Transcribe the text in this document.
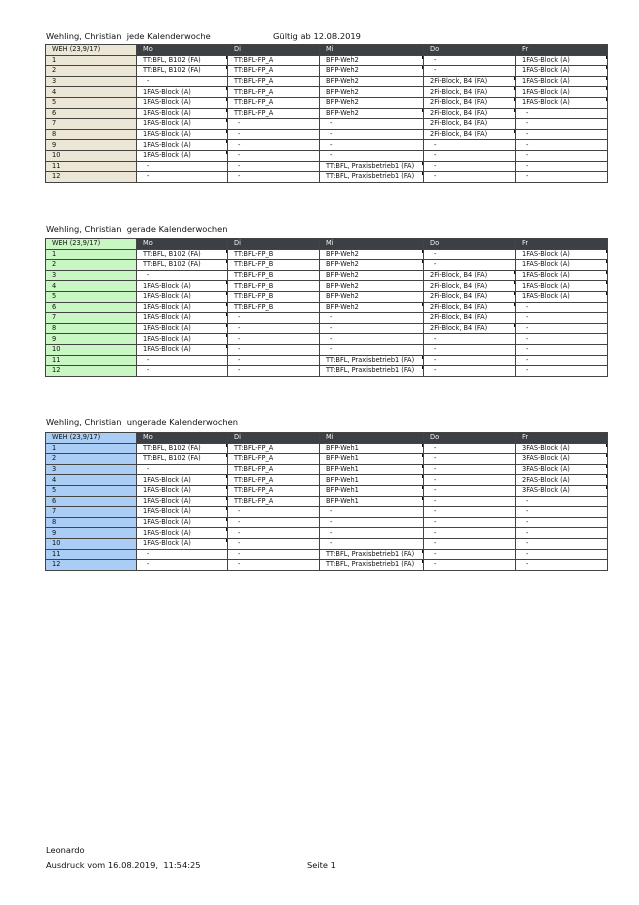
Wehling, Christian  jede Kalenderwoche	Gültig ab 12.08.2019
WEH (23,9/17)	Mo	Di	Mi	Do	Fr
1	TT:BFL, B102 (FA)	TT:BFL-FP_A	BFP-Weh2	-	1FAS-Block (A)
2	TT:BFL, B102 (FA)	TT:BFL-FP_A	BFP-Weh2	-	1FAS-Block (A)
3	-	TT:BFL-FP_A	BFP-Weh2	2Fi-Block, B4 (FA)	1FAS-Block (A)
4	1FAS-Block (A)	TT:BFL-FP_A	BFP-Weh2	2Fi-Block, B4 (FA)	1FAS-Block (A)
5	1FAS-Block (A)	TT:BFL-FP_A	BFP-Weh2	2Fi-Block, B4 (FA)	1FAS-Block (A)
6	1FAS-Block (A)	TT:BFL-FP_A	BFP-Weh2	2Fi-Block, B4 (FA)	-
7	1FAS-Block (A)	-	-	2Fi-Block, B4 (FA)	-
8	1FAS-Block (A)	-	-	2Fi-Block, B4 (FA)	-
9	1FAS-Block (A)	-	-	-	-
10	1FAS-Block (A)	-	-	-	-
11	-	-	TT:BFL, Praxisbetrieb1 (FA)	-	-
12	-	-	TT:BFL, Praxisbetrieb1 (FA)	-	-
Wehling, Christian  gerade Kalenderwochen
WEH (23,9/17)	Mo	Di	Mi	Do	Fr
1	TT:BFL, B102 (FA)	TT:BFL-FP_B	BFP-Weh2	-	1FAS-Block (A)
2	TT:BFL, B102 (FA)	TT:BFL-FP_B	BFP-Weh2	-	1FAS-Block (A)
3	-	TT:BFL-FP_B	BFP-Weh2	2Fi-Block, B4 (FA)	1FAS-Block (A)
4	1FAS-Block (A)	TT:BFL-FP_B	BFP-Weh2	2Fi-Block, B4 (FA)	1FAS-Block (A)
5	1FAS-Block (A)	TT:BFL-FP_B	BFP-Weh2	2Fi-Block, B4 (FA)	1FAS-Block (A)
6	1FAS-Block (A)	TT:BFL-FP_B	BFP-Weh2	2Fi-Block, B4 (FA)	-
7	1FAS-Block (A)	-	-	2Fi-Block, B4 (FA)	-
8	1FAS-Block (A)	-	-	2Fi-Block, B4 (FA)	-
9	1FAS-Block (A)	-	-	-	-
10	1FAS-Block (A)	-	-	-	-
11	-	-	TT:BFL, Praxisbetrieb1 (FA)	-	-
12	-	-	TT:BFL, Praxisbetrieb1 (FA)	-	-
Wehling, Christian  ungerade Kalenderwochen
WEH (23,9/17)	Mo	Di	Mi	Do	Fr
1	TT:BFL, B102 (FA)	TT:BFL-FP_A	BFP-Weh1	-	3FAS-Block (A)
2	TT:BFL, B102 (FA)	TT:BFL-FP_A	BFP-Weh1	-	3FAS-Block (A)
3	-	TT:BFL-FP_A	BFP-Weh1	-	3FAS-Block (A)
4	1FAS-Block (A)	TT:BFL-FP_A	BFP-Weh1	-	2FAS-Block (A)
5	1FAS-Block (A)	TT:BFL-FP_A	BFP-Weh1	-	3FAS-Block (A)
6	1FAS-Block (A)	TT:BFL-FP_A	BFP-Weh1	-	-
7	1FAS-Block (A)	-	-	-	-
8	1FAS-Block (A)	-	-	-	-
9	1FAS-Block (A)	-	-	-	-
10	1FAS-Block (A)	-	-	-	-
11	-	-	TT:BFL, Praxisbetrieb1 (FA)	-	-
12	-	-	TT:BFL, Praxisbetrieb1 (FA)	-	-
Leonardo
Ausdruck vom 16.08.2019,  11:54:25	Seite 1
